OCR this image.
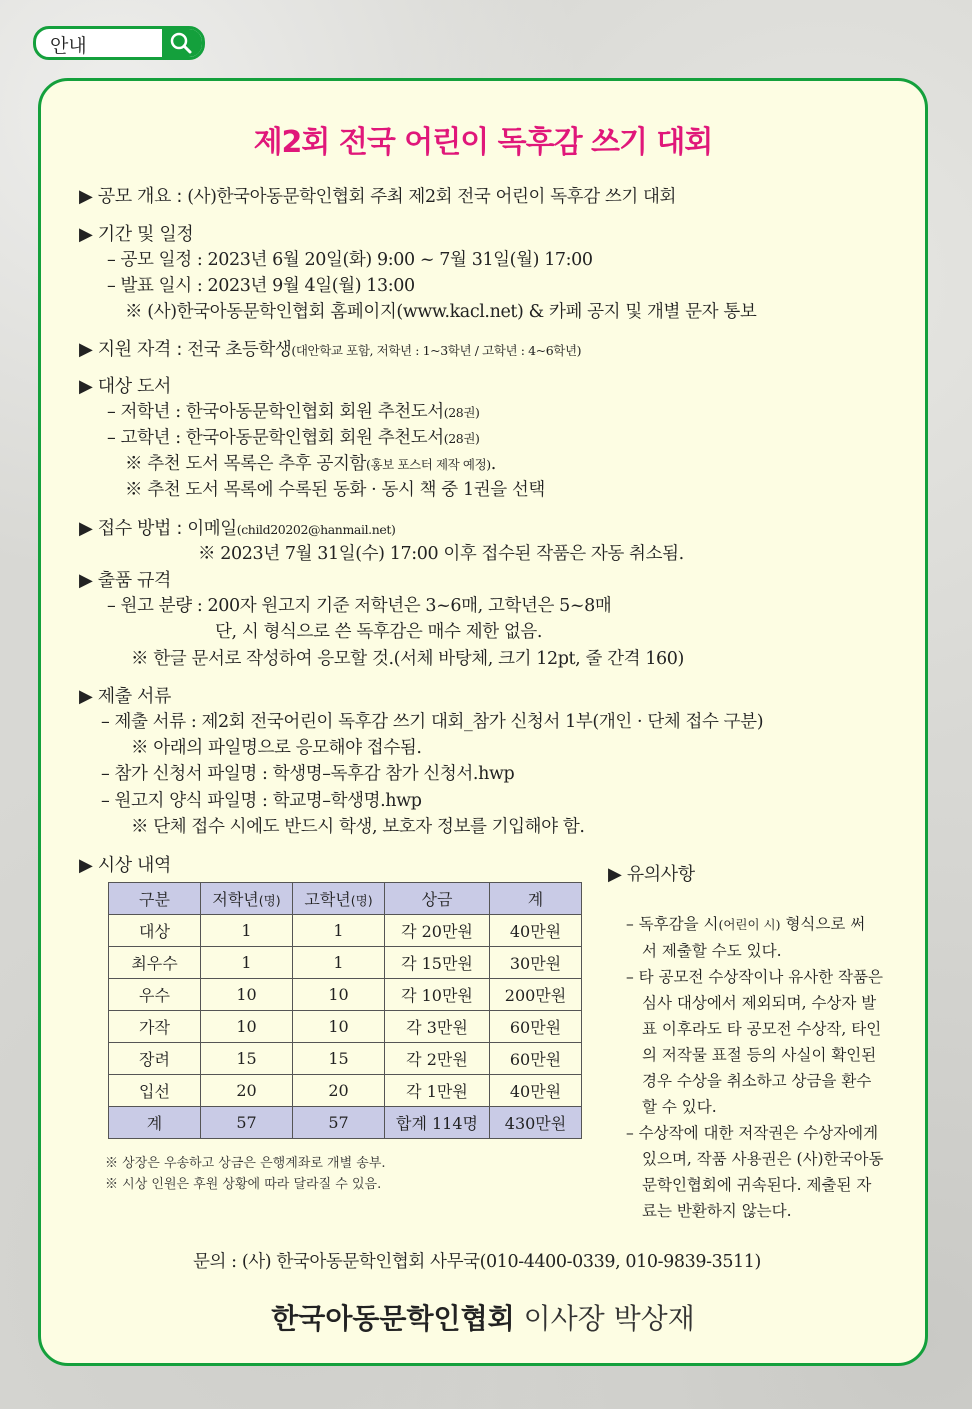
안내
제2회 전국 어린이 독후감 쓰기 대회
▶ 공모 개요 : (사)한국아동문학인협회 주최 제2회 전국 어린이 독후감 쓰기 대회
▶ 기간 및 일정
– 공모 일정 : 2023년 6월 20일(화) 9:00 ~ 7월 31일(월) 17:00
– 발표 일시 : 2023년 9월 4일(월) 13:00
※ (사)한국아동문학인협회 홈페이지(www.kacl.net) & 카페 공지 및 개별 문자 통보
▶ 지원 자격 : 전국 초등학생(대안학교 포함, 저학년 : 1~3학년 / 고학년 : 4~6학년)
▶ 대상 도서
– 저학년 : 한국아동문학인협회 회원 추천도서(28권)
– 고학년 : 한국아동문학인협회 회원 추천도서(28권)
※ 추천 도서 목록은 추후 공지함(홍보 포스터 제작 예정).
※ 추천 도서 목록에 수록된 동화 · 동시 책 중 1권을 선택
▶ 접수 방법 : 이메일(child20202@hanmail.net)
※ 2023년 7월 31일(수) 17:00 이후 접수된 작품은 자동 취소됨.
▶ 출품 규격
– 원고 분량 : 200자 원고지 기준 저학년은 3~6매, 고학년은 5~8매
단, 시 형식으로 쓴 독후감은 매수 제한 없음.
※ 한글 문서로 작성하여 응모할 것.(서체 바탕체, 크기 12pt, 줄 간격 160)
▶ 제출 서류
– 제출 서류 : 제2회 전국어린이 독후감 쓰기 대회_참가 신청서 1부(개인 · 단체 접수 구분)
※ 아래의 파일명으로 응모해야 접수됨.
– 참가 신청서 파일명 : 학생명–독후감 참가 신청서.hwp
– 원고지 양식 파일명 : 학교명–학생명.hwp
※ 단체 접수 시에도 반드시 학생, 보호자 정보를 기입해야 함.
▶ 시상 내역
구분	저학년(명)	고학년(명)	상금	계
대상	1	1	각 20만원	40만원
최우수	1	1	각 15만원	30만원
우수	10	10	각 10만원	200만원
가작	10	10	각 3만원	60만원
장려	15	15	각 2만원	60만원
입선	20	20	각 1만원	40만원
계	57	57	합계 114명	430만원
※ 상장은 우송하고 상금은 은행계좌로 개별 송부.
※ 시상 인원은 후원 상황에 따라 달라질 수 있음.
▶ 유의사항
– 독후감을 시(어린이 시) 형식으로 써 서 제출할 수도 있다.
– 타 공모전 수상작이나 유사한 작품은 심사 대상에서 제외되며, 수상자 발표 이후라도 타 공모전 수상작, 타인의 저작물 표절 등의 사실이 확인된 경우 수상을 취소하고 상금을 환수할 수 있다.
– 수상작에 대한 저작권은 수상자에게 있으며, 작품 사용권은 (사)한국아동문학인협회에 귀속된다. 제출된 자료는 반환하지 않는다.
문의 : (사) 한국아동문학인협회 사무국(010-4400-0339, 010-9839-3511)
한국아동문학인협회 이사장 박상재
